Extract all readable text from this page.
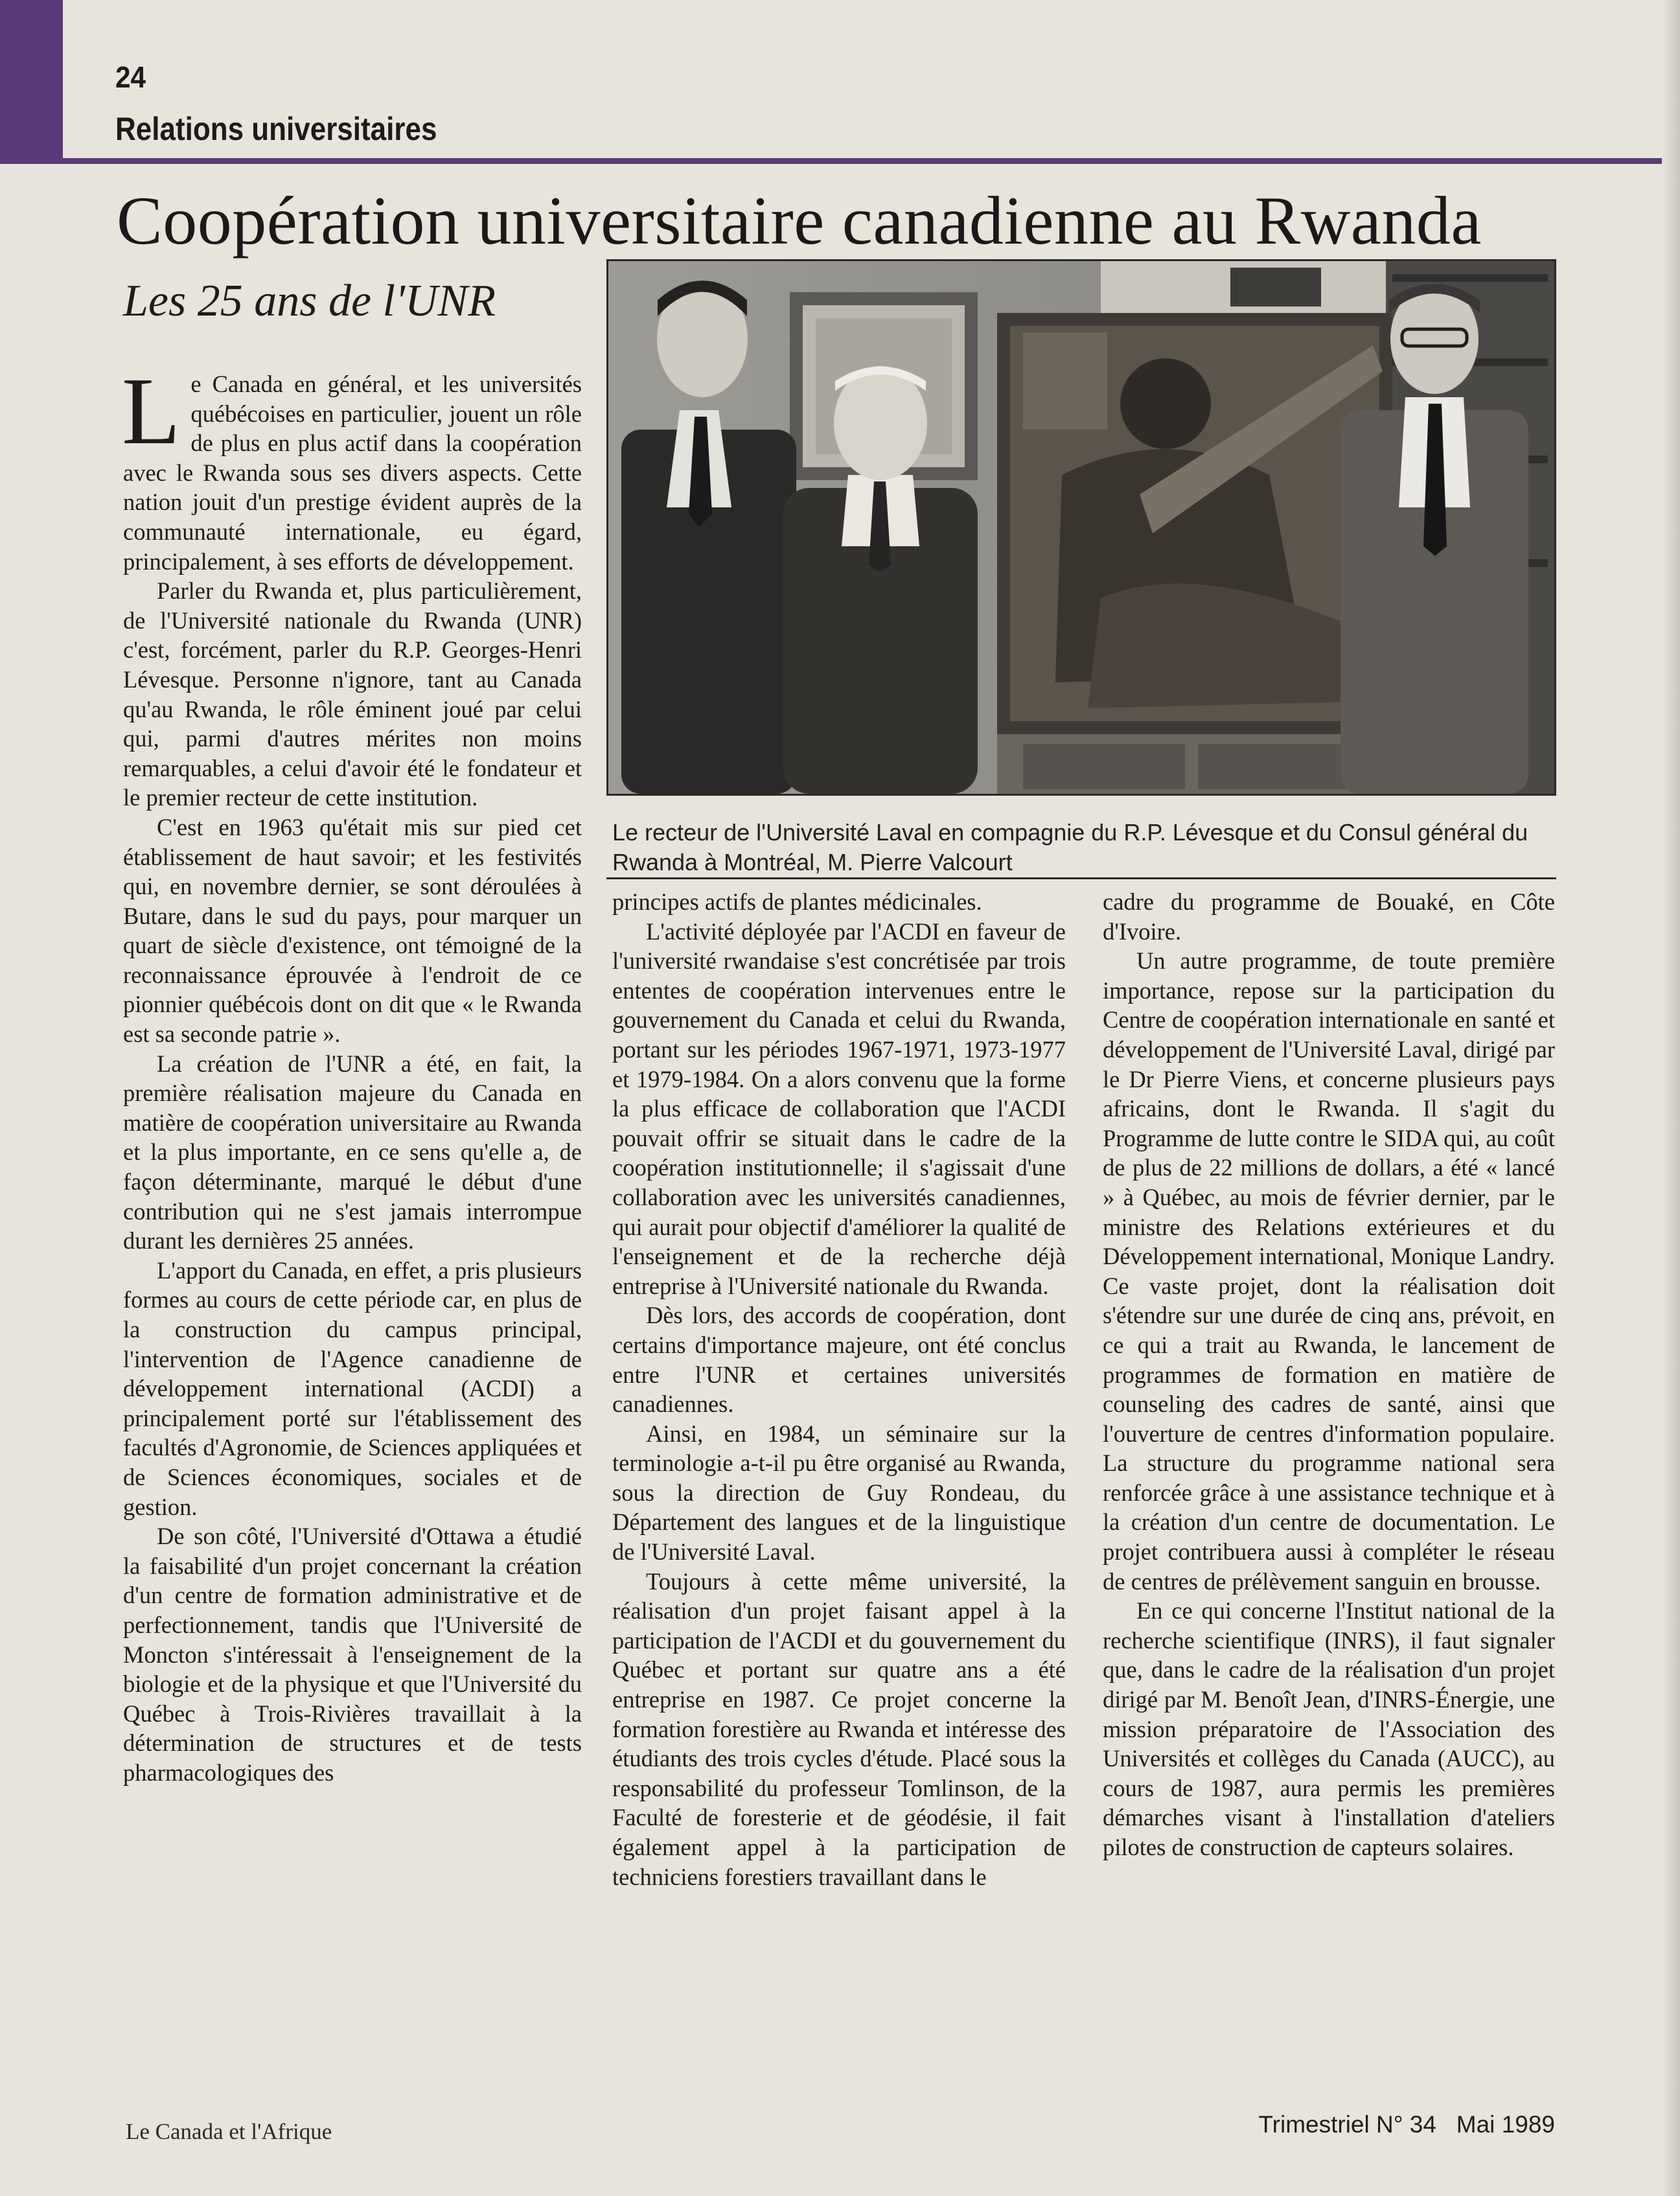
24
Relations universitaires
Coopération universitaire canadienne au Rwanda
Les 25 ans de l'UNR

Le Canada en général, et les universités québécoises en particulier, jouent un rôle de plus en plus actif dans la coopération avec le Rwanda sous ses divers aspects. Cette nation jouit d'un prestige évident auprès de la communauté internationale, eu égard, principalement, à ses efforts de développement.

Parler du Rwanda et, plus particulièrement, de l'Université nationale du Rwanda (UNR) c'est, forcément, parler du R.P. Georges-Henri Lévesque. Personne n'ignore, tant au Canada qu'au Rwanda, le rôle éminent joué par celui qui, parmi d'autres mérites non moins remarquables, a celui d'avoir été le fondateur et le premier recteur de cette institution.

C'est en 1963 qu'était mis sur pied cet établissement de haut savoir; et les festivités qui, en novembre dernier, se sont déroulées à Butare, dans le sud du pays, pour marquer un quart de siècle d'existence, ont témoigné de la reconnaissance éprouvée à l'endroit de ce pionnier québécois dont on dit que « le Rwanda est sa seconde patrie ».

La création de l'UNR a été, en fait, la première réalisation majeure du Canada en matière de coopération universitaire au Rwanda et la plus importante, en ce sens qu'elle a, de façon déterminante, marqué le début d'une contribution qui ne s'est jamais interrompue durant les dernières 25 années.

L'apport du Canada, en effet, a pris plusieurs formes au cours de cette période car, en plus de la construction du campus principal, l'intervention de l'Agence canadienne de développement international (ACDI) a principalement porté sur l'établissement des facultés d'Agronomie, de Sciences appliquées et de Sciences économiques, sociales et de gestion.

De son côté, l'Université d'Ottawa a étudié la faisabilité d'un projet concernant la création d'un centre de formation administrative et de perfectionnement, tandis que l'Université de Moncton s'intéressait à l'enseignement de la biologie et de la physique et que l'Université du Québec à Trois-Rivières travaillait à la détermination de structures et de tests pharmacologiques des

Le recteur de l'Université Laval en compagnie du R.P. Lévesque et du Consul général du Rwanda à Montréal, M. Pierre Valcourt

principes actifs de plantes médicinales.

L'activité déployée par l'ACDI en faveur de l'université rwandaise s'est concrétisée par trois ententes de coopération intervenues entre le gouvernement du Canada et celui du Rwanda, portant sur les périodes 1967-1971, 1973-1977 et 1979-1984. On a alors convenu que la forme la plus efficace de collaboration que l'ACDI pouvait offrir se situait dans le cadre de la coopération institutionnelle; il s'agissait d'une collaboration avec les universités canadiennes, qui aurait pour objectif d'améliorer la qualité de l'enseignement et de la recherche déjà entreprise à l'Université nationale du Rwanda.

Dès lors, des accords de coopération, dont certains d'importance majeure, ont été conclus entre l'UNR et certaines universités canadiennes.

Ainsi, en 1984, un séminaire sur la terminologie a-t-il pu être organisé au Rwanda, sous la direction de Guy Rondeau, du Département des langues et de la linguistique de l'Université Laval.

Toujours à cette même université, la réalisation d'un projet faisant appel à la participation de l'ACDI et du gouvernement du Québec et portant sur quatre ans a été entreprise en 1987. Ce projet concerne la formation forestière au Rwanda et intéresse des étudiants des trois cycles d'étude. Placé sous la responsabilité du professeur Tomlinson, de la Faculté de foresterie et de géodésie, il fait également appel à la participation de techniciens forestiers travaillant dans le

cadre du programme de Bouaké, en Côte d'Ivoire.

Un autre programme, de toute première importance, repose sur la participation du Centre de coopération internationale en santé et développement de l'Université Laval, dirigé par le Dr Pierre Viens, et concerne plusieurs pays africains, dont le Rwanda. Il s'agit du Programme de lutte contre le SIDA qui, au coût de plus de 22 millions de dollars, a été « lancé » à Québec, au mois de février dernier, par le ministre des Relations extérieures et du Développement international, Monique Landry. Ce vaste projet, dont la réalisation doit s'étendre sur une durée de cinq ans, prévoit, en ce qui a trait au Rwanda, le lancement de programmes de formation en matière de counseling des cadres de santé, ainsi que l'ouverture de centres d'information populaire. La structure du programme national sera renforcée grâce à une assistance technique et à la création d'un centre de documentation. Le projet contribuera aussi à compléter le réseau de centres de prélèvement sanguin en brousse.

En ce qui concerne l'Institut national de la recherche scientifique (INRS), il faut signaler que, dans le cadre de la réalisation d'un projet dirigé par M. Benoît Jean, d'INRS-Énergie, une mission préparatoire de l'Association des Universités et collèges du Canada (AUCC), au cours de 1987, aura permis les premières démarches visant à l'installation d'ateliers pilotes de construction de capteurs solaires.

Le Canada et l'Afrique	Trimestriel N° 34   Mai 1989
